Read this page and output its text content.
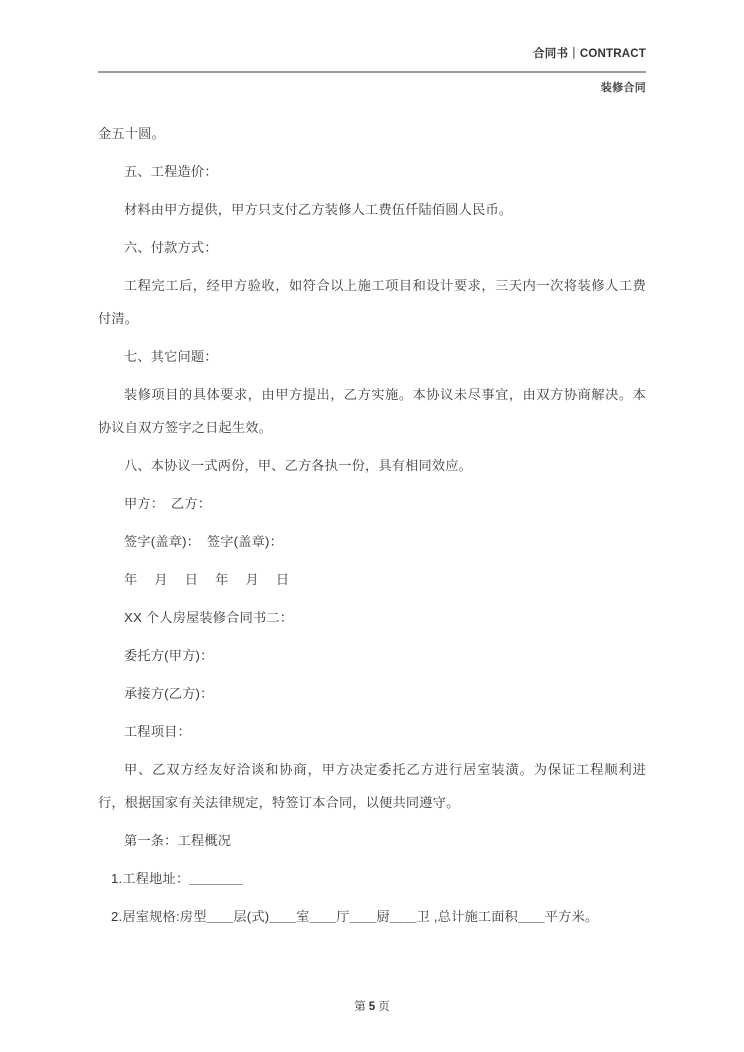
合同书｜CONTRACT
装修合同

金五十圆。

五、工程造价：

材料由甲方提供，甲方只支付乙方装修人工费伍仟陆佰圆人民币。

六、付款方式：

工程完工后，经甲方验收，如符合以上施工项目和设计要求，三天内一次将装修人工费付清。

七、其它问题：

装修项目的具体要求，由甲方提出，乙方实施。本协议未尽事宜，由双方协商解决。本协议自双方签字之日起生效。

八、本协议一式两份，甲、乙方各执一份，具有相同效应。

甲方：　乙方：

签字(盖章)：　签字(盖章)：

年　月　日　年　月　日

XX 个人房屋装修合同书二：

委托方(甲方)：

承接方(乙方)：

工程项目：

甲、乙双方经友好洽谈和协商，甲方决定委托乙方进行居室装潢。为保证工程顺利进行，根据国家有关法律规定，特签订本合同，以便共同遵守。

第一条：工程概况

1.工程地址：＿＿＿＿

2.居室规格:房型＿＿层(式)＿＿室＿＿厅＿＿厨＿＿卫 ,总计施工面积＿＿平方米。

第 5 页
